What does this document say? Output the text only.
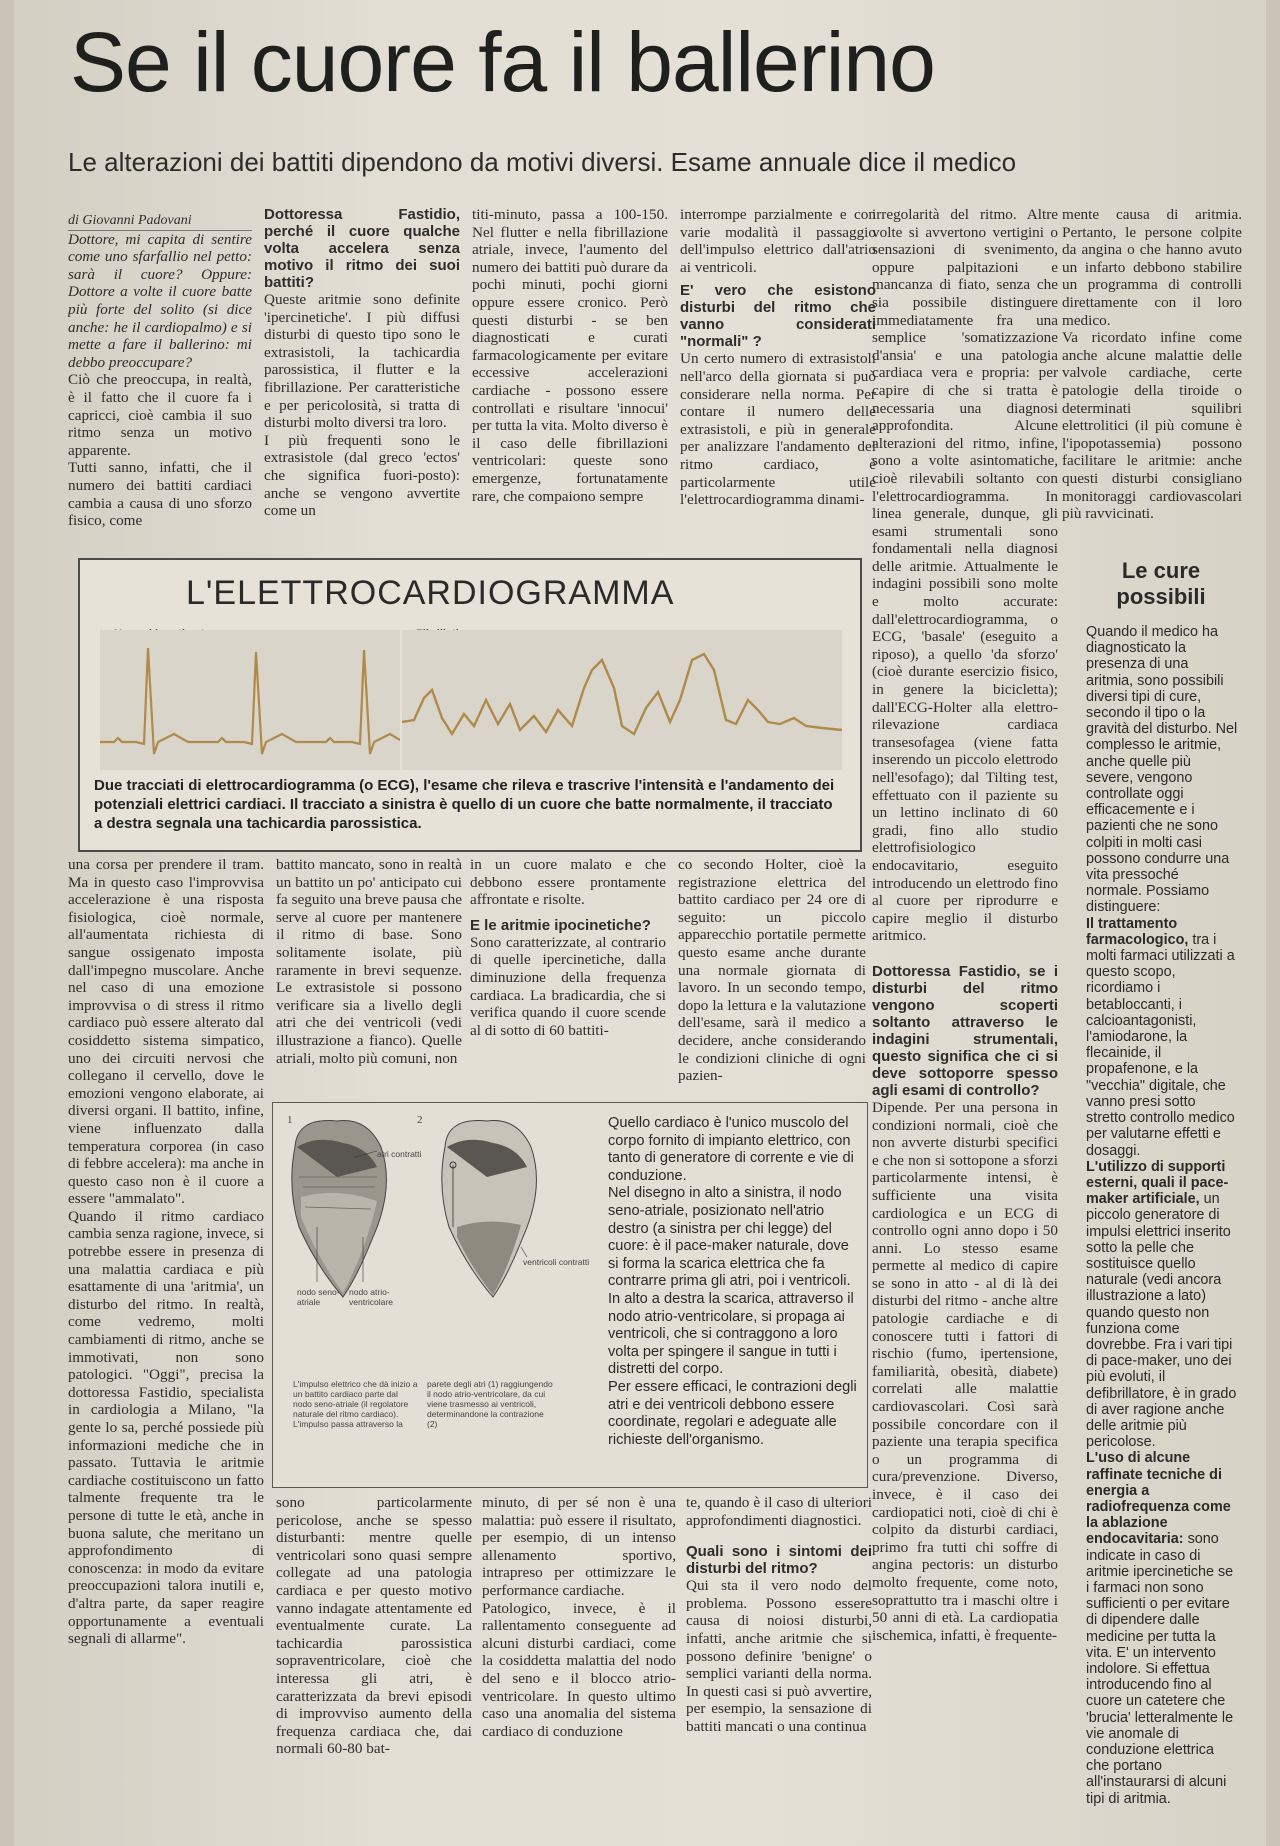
Se il cuore fa il ballerino
Le alterazioni dei battiti dipendono da motivi diversi. Esame annuale dice il medico

di Giovanni Padovani

Dottore, mi capita di sentire come uno sfarfallio nel petto: sarà il cuore? Oppure: Dottore a volte il cuore batte più forte del solito (si dice anche: he il cardiopalmo) e si mette a fare il ballerino: mi debbo preoccupare?

Ciò che preoccupa, in realtà, è il fatto che il cuore fa i capricci, cioè cambia il suo ritmo senza un motivo apparente.

Tutti sanno, infatti, che il numero dei battiti cardiaci cambia a causa di uno sforzo fisico, come

Dottoressa Fastidio, perché il cuore qualche volta accelera senza motivo il ritmo dei suoi battiti?

Queste aritmie sono definite 'ipercinetiche'. I più diffusi disturbi di questo tipo sono le extrasistoli, la tachicardia parossistica, il flutter e la fibrillazione. Per caratteristiche e per pericolosità, si tratta di disturbi molto diversi tra loro.

I più frequenti sono le extrasistole (dal greco 'ectos' che significa fuori-posto): anche se vengono avvertite come un

titi-minuto, passa a 100-150. Nel flutter e nella fibrillazione atriale, invece, l'aumento del numero dei battiti può durare da pochi minuti, pochi giorni oppure essere cronico. Però questi disturbi - se ben diagnosticati e curati farmacologicamente per evitare eccessive accelerazioni cardiache - possono essere controllati e risultare 'innocui' per tutta la vita. Molto diverso è il caso delle fibrillazioni ventricolari: queste sono emergenze, fortunatamente rare, che compaiono sempre

interrompe parzialmente e con varie modalità il passaggio dell'impulso elettrico dall'atrio ai ventricoli.

E' vero che esistono disturbi del ritmo che vanno considerati "normali" ?

Un certo numero di extrasistoli nell'arco della giornata si può considerare nella norma. Per contare il numero delle extrasistoli, e più in generale per analizzare l'andamento del ritmo cardiaco, è particolarmente utile l'elettrocardiogramma dinami-

irregolarità del ritmo. Altre volte si avvertono vertigini o sensazioni di svenimento, oppure palpitazioni e mancanza di fiato, senza che sia possibile distinguere immediatamente fra una semplice 'somatizzazione d'ansia' e una patologia cardiaca vera e propria: per capire di che si tratta è necessaria una diagnosi approfondita. Alcune alterazioni del ritmo, infine, sono a volte asintomatiche, cioè rilevabili soltanto con l'elettrocardiogramma. In linea generale, dunque, gli esami strumentali sono fondamentali nella diagnosi delle aritmie. Attualmente le indagini possibili sono molte e molto accurate: dall'elettrocardiogramma, o ECG, 'basale' (eseguito a riposo), a quello 'da sforzo' (cioè durante esercizio fisico, in genere la bicicletta); dall'ECG-Holter alla elettro-rilevazione cardiaca transesofagea (viene fatta inserendo un piccolo elettrodo nell'esofago); dal Tilting test, effettuato con il paziente su un lettino inclinato di 60 gradi, fino allo studio elettrofisiologico endocavitario, eseguito introducendo un elettrodo fino al cuore per riprodurre e capire meglio il disturbo aritmico.

Dottoressa Fastidio, se i disturbi del ritmo vengono scoperti soltanto attraverso le indagini strumentali, questo significa che ci si deve sottoporre spesso agli esami di controllo?

Dipende. Per una persona in condizioni normali, cioè che non avverte disturbi specifici e che non si sottopone a sforzi particolarmente intensi, è sufficiente una visita cardiologica e un ECG di controllo ogni anno dopo i 50 anni. Lo stesso esame permette al medico di capire se sono in atto - al di là dei disturbi del ritmo - anche altre patologie cardiache e di conoscere tutti i fattori di rischio (fumo, ipertensione, familiarità, obesità, diabete) correlati alle malattie cardiovascolari. Così sarà possibile concordare con il paziente una terapia specifica o un programma di cura/prevenzione. Diverso, invece, è il caso dei cardiopatici noti, cioè di chi è colpito da disturbi cardiaci, primo fra tutti chi soffre di angina pectoris: un disturbo molto frequente, come noto, soprattutto tra i maschi oltre i 50 anni di età. La cardiopatia ischemica, infatti, è frequente-

mente causa di aritmia. Pertanto, le persone colpite da angina o che hanno avuto un infarto debbono stabilire un programma di controlli direttamente con il loro medico.

Va ricordato infine come anche alcune malattie delle valvole cardiache, certe patologie della tiroide o determinati squilibri elettrolitici (il più comune è l'ipopotassemia) possono facilitare le aritmie: anche questi disturbi consigliano monitoraggi cardiovascolari più ravvicinati.

L'ELETTROCARDIOGRAMMA
Due tracciati di elettrocardiogramma (o ECG), l'esame che rileva e trascrive l'intensità e l'andamento dei potenziali elettrici cardiaci. Il tracciato a sinistra è quello di un cuore che batte normalmente, il tracciato a destra segnala una tachicardia parossistica.
Le cure possibili

Quando il medico ha diagnosticato la presenza di una aritmia, sono possibili diversi tipi di cure, secondo il tipo o la gravità del disturbo. Nel complesso le aritmie, anche quelle più severe, vengono controllate oggi efficacemente e i pazienti che ne sono colpiti in molti casi possono condurre una vita pressoché normale. Possiamo distinguere:

Il trattamento farmacologico, tra i molti farmaci utilizzati a questo scopo, ricordiamo i betabloccanti, i calcioantagonisti, l'amiodarone, la flecainide, il propafenone, e la "vecchia" digitale, che vanno presi sotto stretto controllo medico per valutarne effetti e dosaggi.

L'utilizzo di supporti esterni, quali il pace-maker artificiale, un piccolo generatore di impulsi elettrici inserito sotto la pelle che sostituisce quello naturale (vedi ancora illustrazione a lato) quando questo non funziona come dovrebbe. Fra i vari tipi di pace-maker, uno dei più evoluti, il defibrillatore, è in grado di aver ragione anche delle aritmie più pericolose.

L'uso di alcune raffinate tecniche di energia a radiofrequenza come la ablazione endocavitaria: sono indicate in caso di aritmie ipercinetiche se i farmaci non sono sufficienti o per evitare di dipendere dalle medicine per tutta la vita. E' un intervento indolore. Si effettua introducendo fino al cuore un catetere che 'brucia' letteralmente le vie anomale di conduzione elettrica che portano all'instaurarsi di alcuni tipi di aritmia.

una corsa per prendere il tram. Ma in questo caso l'improvvisa accelerazione è una risposta fisiologica, cioè normale, all'aumentata richiesta di sangue ossigenato imposta dall'impegno muscolare. Anche nel caso di una emozione improvvisa o di stress il ritmo cardiaco può essere alterato dal cosiddetto sistema simpatico, uno dei circuiti nervosi che collegano il cervello, dove le emozioni vengono elaborate, ai diversi organi. Il battito, infine, viene influenzato dalla temperatura corporea (in caso di febbre accelera): ma anche in questo caso non è il cuore a essere "ammalato".

Quando il ritmo cardiaco cambia senza ragione, invece, si potrebbe essere in presenza di una malattia cardiaca e più esattamente di una 'aritmia', un disturbo del ritmo. In realtà, come vedremo, molti cambiamenti di ritmo, anche se immotivati, non sono patologici. "Oggi", precisa la dottoressa Fastidio, specialista in cardiologia a Milano, "la gente lo sa, perché possiede più informazioni mediche che in passato. Tuttavia le aritmie cardiache costituiscono un fatto talmente frequente tra le persone di tutte le età, anche in buona salute, che meritano un approfondimento di conoscenza: in modo da evitare preoccupazioni talora inutili e, d'altra parte, da saper reagire opportunamente a eventuali segnali di allarme".

battito mancato, sono in realtà un battito un po' anticipato cui fa seguito una breve pausa che serve al cuore per mantenere il ritmo di base. Sono solitamente isolate, più raramente in brevi sequenze. Le extrasistole si possono verificare sia a livello degli atri che dei ventricoli (vedi illustrazione a fianco). Quelle atriali, molto più comuni, non

in un cuore malato e che debbono essere prontamente affrontate e risolte.

E le aritmie ipocinetiche?

Sono caratterizzate, al contrario di quelle ipercinetiche, dalla diminuzione della frequenza cardiaca. La bradicardia, che si verifica quando il cuore scende al di sotto di 60 battiti-

co secondo Holter, cioè la registrazione elettrica del battito cardiaco per 24 ore di seguito: un piccolo apparecchio portatile permette questo esame anche durante una normale giornata di lavoro. In un secondo tempo, dopo la lettura e la valutazione dell'esame, sarà il medico a decidere, anche considerando le condizioni cliniche di ogni pazien-

1	2
atri contratti
ventricoli contratti
nodo seno-atriale
nodo atrio-ventricolare
L'impulso elettrico che dà inizio a un battito cardiaco parte dal nodo seno-atriale (il regolatore naturale del ritmo cardiaco). L'impulso passa attraverso la
parete degli atri (1) raggiungendo il nodo atrio-ventricolare, da cui viene trasmesso ai ventricoli, determinandone la contrazione (2)

Quello cardiaco è l'unico muscolo del corpo fornito di impianto elettrico, con tanto di generatore di corrente e vie di conduzione.

Nel disegno in alto a sinistra, il nodo seno-atriale, posizionato nell'atrio destro (a sinistra per chi legge) del cuore: è il pace-maker naturale, dove si forma la scarica elettrica che fa contrarre prima gli atri, poi i ventricoli. In alto a destra la scarica, attraverso il nodo atrio-ventricolare, si propaga ai ventricoli, che si contraggono a loro volta per spingere il sangue in tutti i distretti del corpo.

Per essere efficaci, le contrazioni degli atri e dei ventricoli debbono essere coordinate, regolari e adeguate alle richieste dell'organismo.

sono particolarmente pericolose, anche se spesso disturbanti: mentre quelle ventricolari sono quasi sempre collegate ad una patologia cardiaca e per questo motivo vanno indagate attentamente ed eventualmente curate. La tachicardia parossistica sopraventricolare, cioè che interessa gli atri, è caratterizzata da brevi episodi di improvviso aumento della frequenza cardiaca che, dai normali 60-80 bat-

minuto, di per sé non è una malattia: può essere il risultato, per esempio, di un intenso allenamento sportivo, intrapreso per ottimizzare le performance cardiache.

Patologico, invece, è il rallentamento conseguente ad alcuni disturbi cardiaci, come la cosiddetta malattia del nodo del seno e il blocco atrio-ventricolare. In questo ultimo caso una anomalia del sistema cardiaco di conduzione

te, quando è il caso di ulteriori approfondimenti diagnostici.

Quali sono i sintomi dei disturbi del ritmo?

Qui sta il vero nodo del problema. Possono essere causa di noiosi disturbi, infatti, anche aritmie che si possono definire 'benigne' o semplici varianti della norma. In questi casi si può avvertire, per esempio, la sensazione di battiti mancati o una continua
